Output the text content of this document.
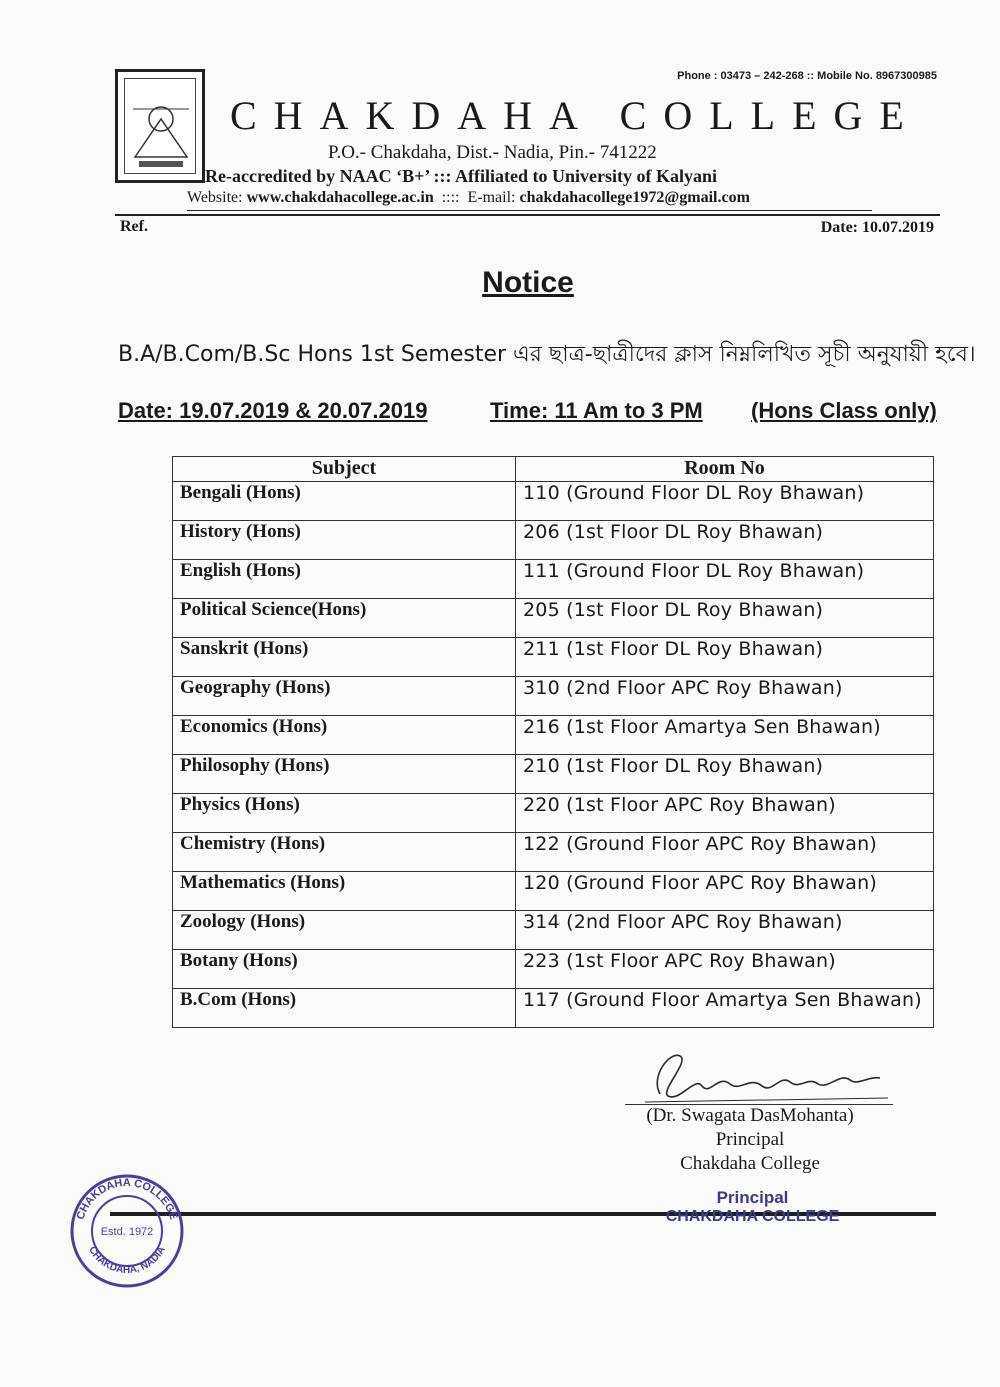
Phone : 03473 – 242-268 :: Mobile No. 8967300985
CHAKDAHA COLLEGE
P.O.- Chakdaha, Dist.- Nadia, Pin.- 741222
Re-accredited by NAAC ‘B+’ ::: Affiliated to University of Kalyani
Website: www.chakdahacollege.ac.in  ::::  E-mail: chakdahacollege1972@gmail.com
Ref.	Date: 10.07.2019
Notice
B.A/B.Com/B.Sc Hons 1st Semester এর ছাত্র-ছাত্রীদের ক্লাস নিম্নলিখিত সূচী অনুযায়ী হবে।
Date: 19.07.2019 & 20.07.2019	Time: 11 Am to 3 PM (Hons Class only)
Subject	Room No
Bengali (Hons)	110 (Ground Floor DL Roy Bhawan)
History (Hons)	206 (1st Floor DL Roy Bhawan)
English (Hons)	111 (Ground Floor DL Roy Bhawan)
Political Science(Hons)	205 (1st Floor DL Roy Bhawan)
Sanskrit (Hons)	211 (1st Floor DL Roy Bhawan)
Geography (Hons)	310 (2nd Floor APC Roy Bhawan)
Economics (Hons)	216 (1st Floor Amartya Sen Bhawan)
Philosophy (Hons)	210 (1st Floor DL Roy Bhawan)
Physics (Hons)	220 (1st Floor APC Roy Bhawan)
Chemistry (Hons)	122 (Ground Floor APC Roy Bhawan)
Mathematics (Hons)	120 (Ground Floor APC Roy Bhawan)
Zoology (Hons)	314 (2nd Floor APC Roy Bhawan)
Botany (Hons)	223 (1st Floor APC Roy Bhawan)
B.Com (Hons)	117 (Ground Floor Amartya Sen Bhawan)
(Dr. Swagata DasMohanta)
Principal
Chakdaha College
Principal
CHAKDAHA COLLEGE
CHAKDAHA COLLEGE
CHAKDAHA, NADIA
Estd. 1972
